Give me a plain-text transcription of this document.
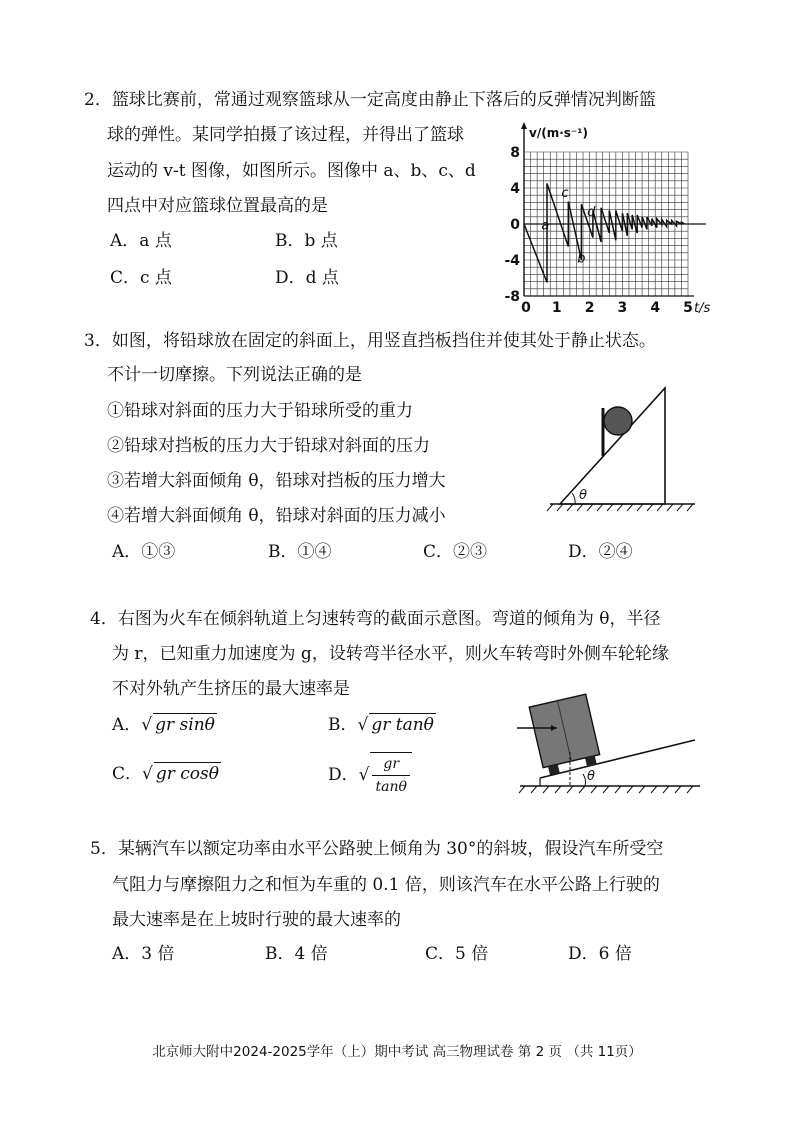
2．篮球比赛前，常通过观察篮球从一定高度由静止下落后的反弹情况判断篮
球的弹性。某同学拍摄了该过程，并得出了篮球
运动的 v-t 图像，如图所示。图像中 a、b、c、d
四点中对应篮球位置最高的是
A．a 点	B．b 点
C．c 点	D．d 点
8
4
0
-4
-8
0 1 2 3 4 5
v/(m·s⁻¹)
t/s
a
b
c
d
3．如图，将铅球放在固定的斜面上，用竖直挡板挡住并使其处于静止状态。
不计一切摩擦。下列说法正确的是
①铅球对斜面的压力大于铅球所受的重力
②铅球对挡板的压力大于铅球对斜面的压力
③若增大斜面倾角 θ，铅球对挡板的压力增大
④若增大斜面倾角 θ，铅球对斜面的压力减小
A．①③	B．①④	C．②③	D．②④
θ
4．右图为火车在倾斜轨道上匀速转弯的截面示意图。弯道的倾角为 θ，半径
为 r，已知重力加速度为 g，设转弯半径水平，则火车转弯时外侧车轮轮缘
不对外轨产生挤压的最大速率是
A．√ gr sinθ	B．√ gr tanθ
C．√ gr cosθ	D．√ $\frac{gr}{\tan\theta}$	θ
5．某辆汽车以额定功率由水平公路驶上倾角为 30°的斜坡，假设汽车所受空
气阻力与摩擦阻力之和恒为车重的 0.1 倍，则该汽车在水平公路上行驶的
最大速率是在上坡时行驶的最大速率的
A．3 倍	B．4 倍	C．5 倍	D．6 倍
北京师大附中2024-2025学年（上）期中考试 高三物理试卷 第 2 页 （共 11页）
